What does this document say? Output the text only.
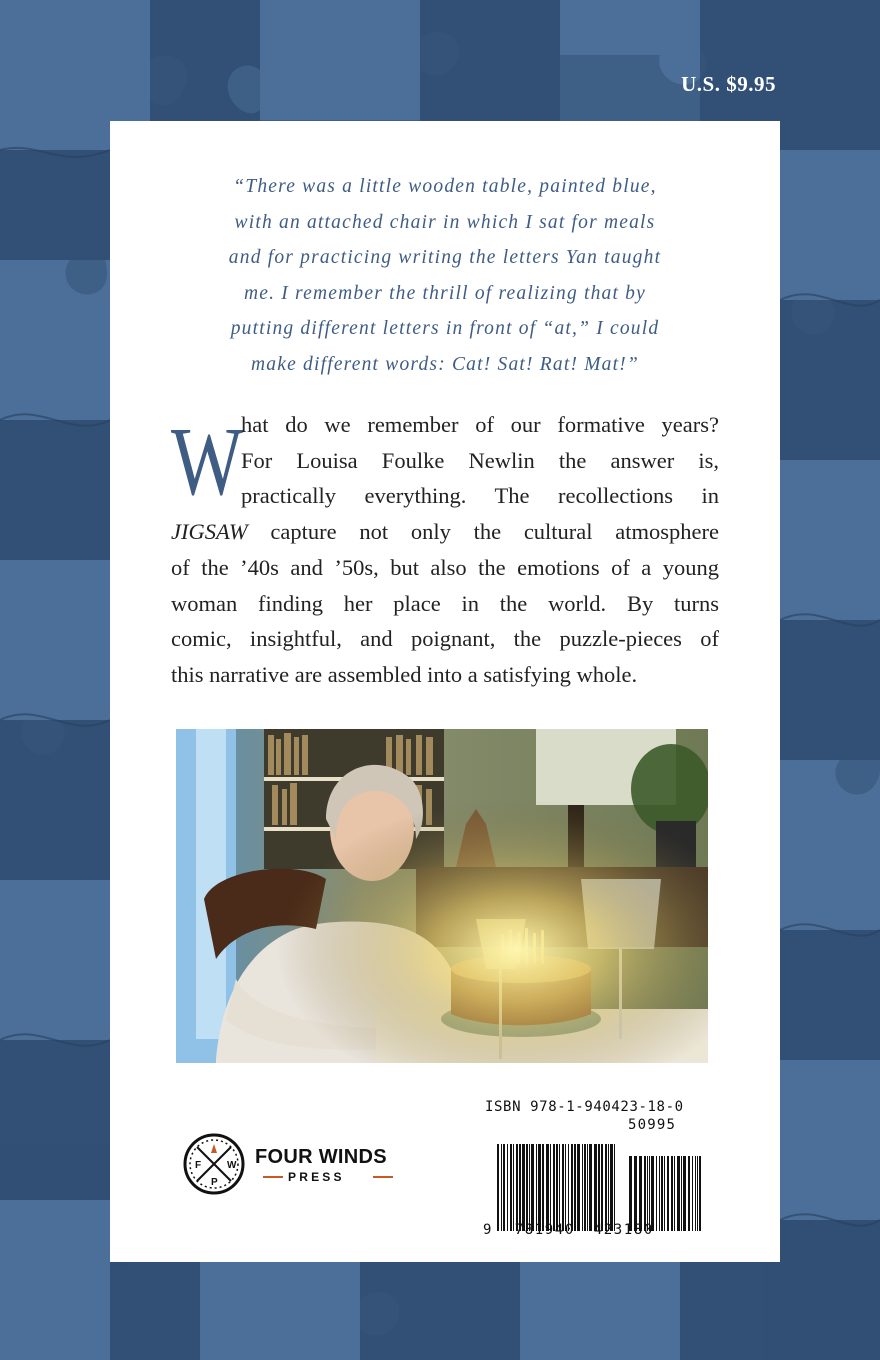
U.S. $9.95
“There was a little wooden table, painted blue,
with an attached chair in which I sat for meals
and for practicing writing the letters Yan taught
me. I remember the thrill of realizing that by
putting different letters in front of “at,” I could
make different words: Cat! Sat! Rat! Mat!”
W
hat do we remember of our formative years?
For Louisa Foulke Newlin the answer is,
practically everything. The recollections in
JIGSAW capture not only the cultural atmosphere
of the ’40s and ’50s, but also the emotions of a young
woman finding her place in the world. By turns
comic, insightful, and poignant, the puzzle-pieces of
this narrative are assembled into a satisfying whole.
F	W
P
FOUR WINDS
PRESS
ISBN 978-1-940423-18-0
50995
9 781940 423180
